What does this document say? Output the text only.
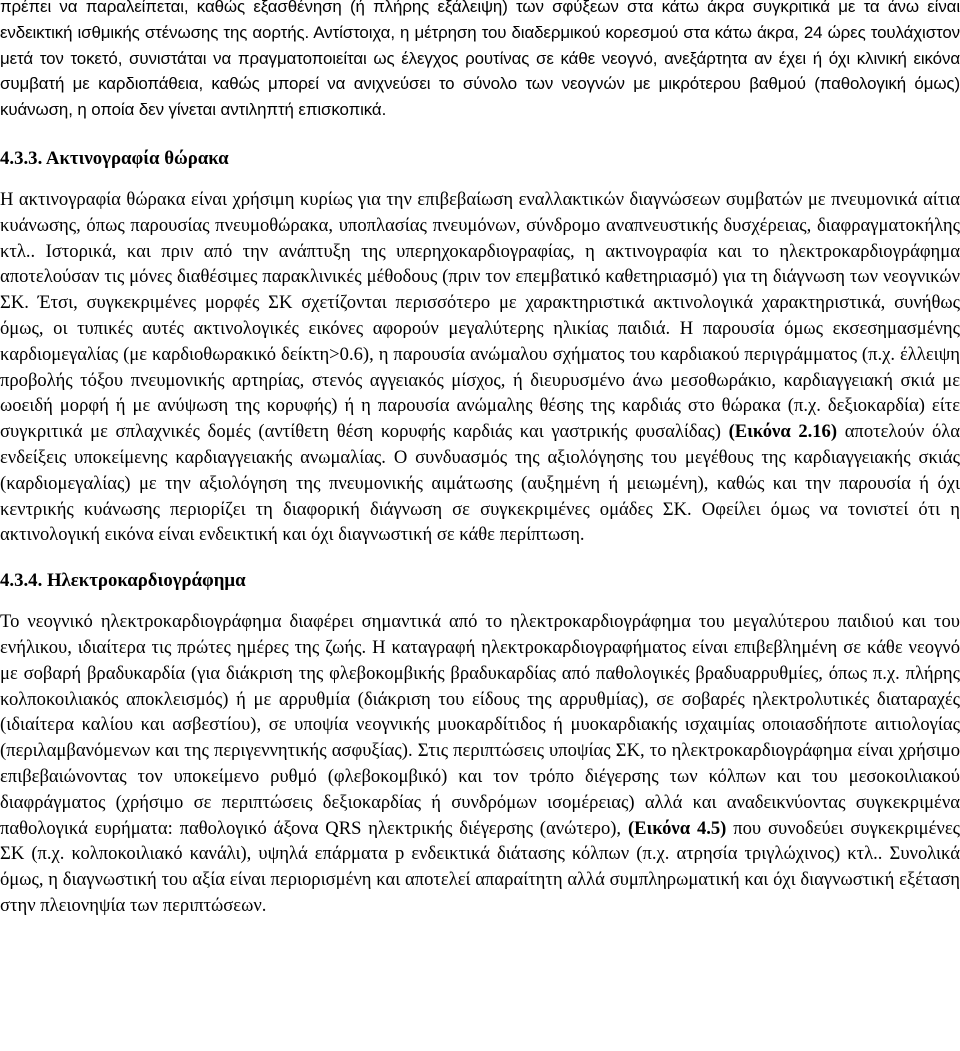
πρέπει να παραλείπεται, καθώς εξασθένηση (ή πλήρης εξάλειψη) των σφύξεων στα κάτω άκρα συγκριτικά με τα άνω είναι ενδεικτική ισθμικής στένωσης της αορτής. Αντίστοιχα, η μέτρηση του διαδερμικού κορεσμού στα κάτω άκρα, 24 ώρες τουλάχιστον μετά τον τοκετό, συνιστάται να πραγματοποιείται ως έλεγχος ρουτίνας σε κάθε νεογνό, ανεξάρτητα αν έχει ή όχι κλινική εικόνα συμβατή με καρδιοπάθεια, καθώς μπορεί να ανιχνεύσει το σύνολο των νεογνών με μικρότερου βαθμού (παθολογική όμως) κυάνωση, η οποία δεν γίνεται αντιληπτή επισκοπικά.

4.3.3. Ακτινογραφία θώρακα

Η ακτινογραφία θώρακα είναι χρήσιμη κυρίως για την επιβεβαίωση εναλλακτικών διαγνώσεων συμβατών με πνευμονικά αίτια κυάνωσης, όπως παρουσίας πνευμοθώρακα, υποπλασίας πνευμόνων, σύνδρομο αναπνευστικής δυσχέρειας, διαφραγματοκήλης κτλ.. Ιστορικά, και πριν από την ανάπτυξη της υπερηχοκαρδιογραφίας, η ακτινογραφία και το ηλεκτροκαρδιογράφημα αποτελούσαν τις μόνες διαθέσιμες παρακλινικές μέθοδους (πριν τον επεμβατικό καθετηριασμό) για τη διάγνωση των νεογνικών ΣΚ. Έτσι, συγκεκριμένες μορφές ΣΚ σχετίζονται περισσότερο με χαρακτηριστικά ακτινολογικά χαρακτηριστικά, συνήθως όμως, οι τυπικές αυτές ακτινολογικές εικόνες αφορούν μεγαλύτερης ηλικίας παιδιά. Η παρουσία όμως εκσεσημασμένης καρδιομεγαλίας (με καρδιοθωρακικό δείκτη>0.6), η παρουσία ανώμαλου σχήματος του καρδιακού περιγράμματος (π.χ. έλλειψη προβολής τόξου πνευμονικής αρτηρίας, στενός αγγειακός μίσχος, ή διευρυσμένο άνω μεσοθωράκιο, καρδιαγγειακή σκιά με ωοειδή μορφή ή με ανύψωση της κορυφής) ή η παρουσία ανώμαλης θέσης της καρδιάς στο θώρακα (π.χ. δεξιοκαρδία) είτε συγκριτικά με σπλαχνικές δομές (αντίθετη θέση κορυφής καρδιάς και γαστρικής φυσαλίδας) (Εικόνα 2.16) αποτελούν όλα ενδείξεις υποκείμενης καρδιαγγειακής ανωμαλίας. Ο συνδυασμός της αξιολόγησης του μεγέθους της καρδιαγγειακής σκιάς (καρδιομεγαλίας) με την αξιολόγηση της πνευμονικής αιμάτωσης (αυξημένη ή μειωμένη), καθώς και την παρουσία ή όχι κεντρικής κυάνωσης περιορίζει τη διαφορική διάγνωση σε συγκεκριμένες ομάδες ΣΚ. Οφείλει όμως να τονιστεί ότι η ακτινολογική εικόνα είναι ενδεικτική και όχι διαγνωστική σε κάθε περίπτωση.

4.3.4. Ηλεκτροκαρδιογράφημα

Το νεογνικό ηλεκτροκαρδιογράφημα διαφέρει σημαντικά από το ηλεκτροκαρδιογράφημα του μεγαλύτερου παιδιού και του ενήλικου, ιδιαίτερα τις πρώτες ημέρες της ζωής. Η καταγραφή ηλεκτροκαρδιογραφήματος είναι επιβεβλημένη σε κάθε νεογνό με σοβαρή βραδυκαρδία (για διάκριση της φλεβοκομβικής βραδυκαρδίας από παθολογικές βραδυαρρυθμίες, όπως π.χ. πλήρης κολποκοιλιακός αποκλεισμός) ή με αρρυθμία (διάκριση του είδους της αρρυθμίας), σε σοβαρές ηλεκτρολυτικές διαταραχές (ιδιαίτερα καλίου και ασβεστίου), σε υποψία νεογνικής μυοκαρδίτιδος ή μυοκαρδιακής ισχαιμίας οποιασδήποτε αιτιολογίας (περιλαμβανόμενων και της περιγεννητικής ασφυξίας). Στις περιπτώσεις υποψίας ΣΚ, το ηλεκτροκαρδιογράφημα είναι χρήσιμο επιβεβαιώνοντας τον υποκείμενο ρυθμό (φλεβοκομβικό) και τον τρόπο διέγερσης των κόλπων και του μεσοκοιλιακού διαφράγματος (χρήσιμο σε περιπτώσεις δεξιοκαρδίας ή συνδρόμων ισομέρειας) αλλά και αναδεικνύοντας συγκεκριμένα παθολογικά ευρήματα: παθολογικό άξονα QRS ηλεκτρικής διέγερσης (ανώτερο), (Εικόνα 4.5) που συνοδεύει συγκεκριμένες ΣΚ (π.χ. κολποκοιλιακό κανάλι), υψηλά επάρματα p ενδεικτικά διάτασης κόλπων (π.χ. ατρησία τριγλώχινος) κτλ.. Συνολικά όμως, η διαγνωστική του αξία είναι περιορισμένη και αποτελεί απαραίτητη αλλά συμπληρωματική και όχι διαγνωστική εξέταση στην πλειονηψία των περιπτώσεων.
